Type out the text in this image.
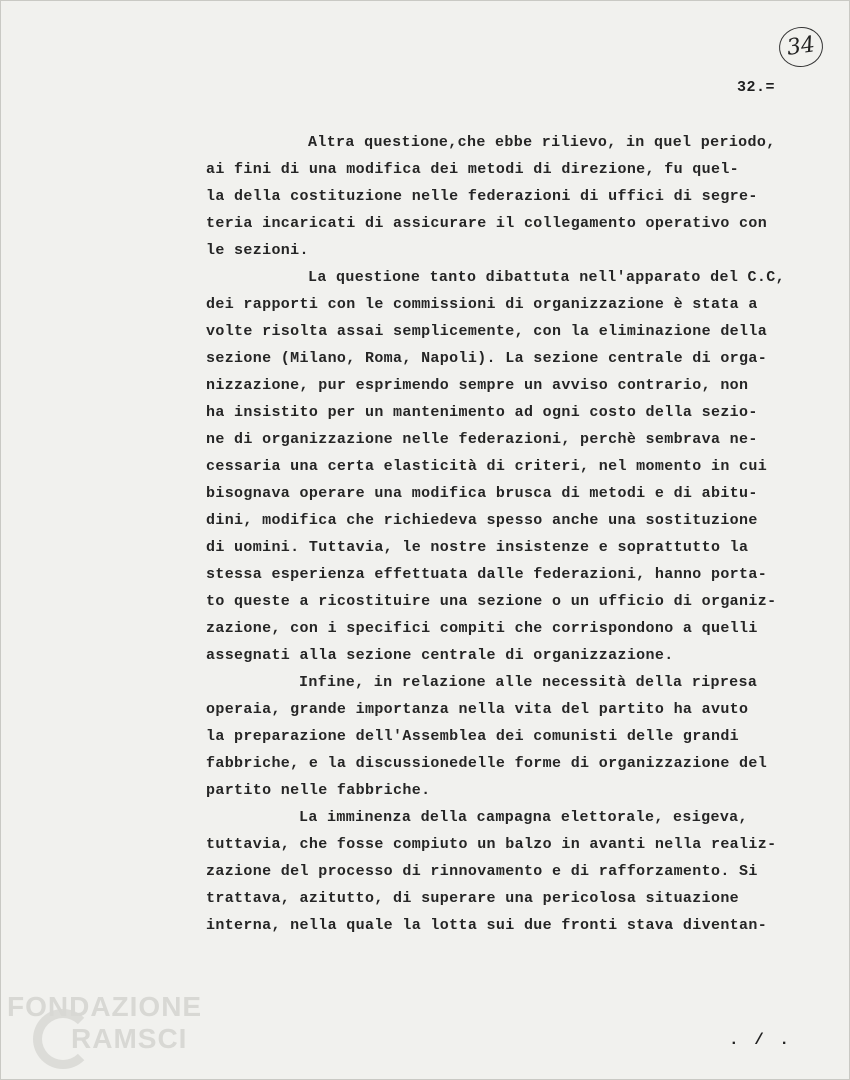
FONDAZIONE
RAMSCI
34
32.=
Altra questione,che ebbe rilievo, in quel periodo,
ai fini di una modifica dei metodi di direzione, fu quel-
la della costituzione nelle federazioni di uffici di segre-
teria incaricati di assicurare il collegamento operativo con
le sezioni.
La questione tanto dibattuta nell'apparato del C.C,
dei rapporti con le commissioni di organizzazione è stata a
volte risolta assai semplicemente, con la eliminazione della
sezione (Milano, Roma, Napoli). La sezione centrale di orga-
nizzazione, pur esprimendo sempre un avviso contrario, non
ha insistito per un mantenimento ad ogni costo della sezio-
ne di organizzazione nelle federazioni, perchè sembrava ne-
cessaria una certa elasticità di criteri, nel momento in cui
bisognava operare una modifica brusca di metodi e di abitu-
dini, modifica che richiedeva spesso anche una sostituzione
di uomini. Tuttavia, le nostre insistenze e soprattutto la
stessa esperienza effettuata dalle federazioni, hanno porta-
to queste a ricostituire una sezione o un ufficio di organiz-
zazione, con i specifici compiti che corrispondono a quelli
assegnati alla sezione centrale di organizzazione.
Infine, in relazione alle necessità della ripresa
operaia, grande importanza nella vita del partito ha avuto
la preparazione dell'Assemblea dei comunisti delle grandi
fabbriche, e la discussionedelle forme di organizzazione del
partito nelle fabbriche.
La imminenza della campagna elettorale, esigeva,
tuttavia, che fosse compiuto un balzo in avanti nella realiz-
zazione del processo di rinnovamento e di rafforzamento. Si
trattava, azitutto, di superare una pericolosa situazione
interna, nella quale la lotta sui due fronti stava diventan-
. / .
